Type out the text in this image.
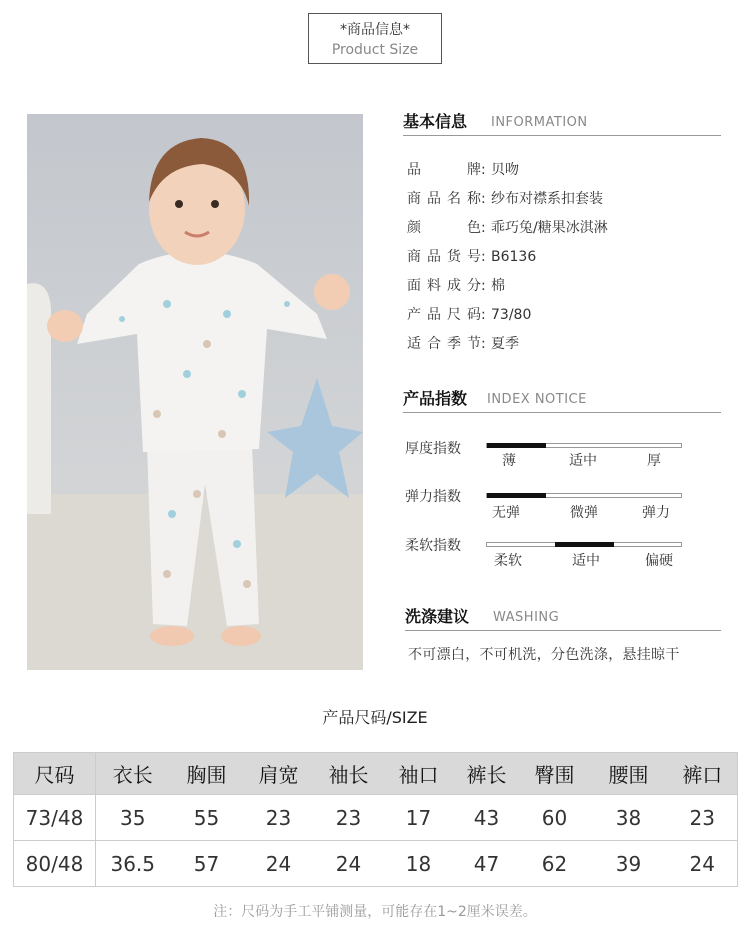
*商品信息*
Product Size
基本信息 INFORMATION
品牌: 贝吻
商品名称: 纱布对襟系扣套装
颜色: 乖巧兔/糖果冰淇淋
商品货号: B6136
面料成分: 棉
产品尺码: 73/80
适合季节: 夏季
产品指数 INDEX NOTICE
厚度指数
薄	适中	厚
弹力指数
无弹	微弹	弹力
柔软指数
柔软	适中	偏硬
洗涤建议 WASHING
不可漂白，不可机洗，分色洗涤，悬挂晾干
产品尺码/SIZE
尺码	衣长	胸围	肩宽	袖长	袖口	裤长	臀围	腰围	裤口
73/48	35	55	23	23	17	43	60	38	23
80/48	36.5	57	24	24	18	47	62	39	24
注：尺码为手工平铺测量，可能存在1~2厘米误差。
